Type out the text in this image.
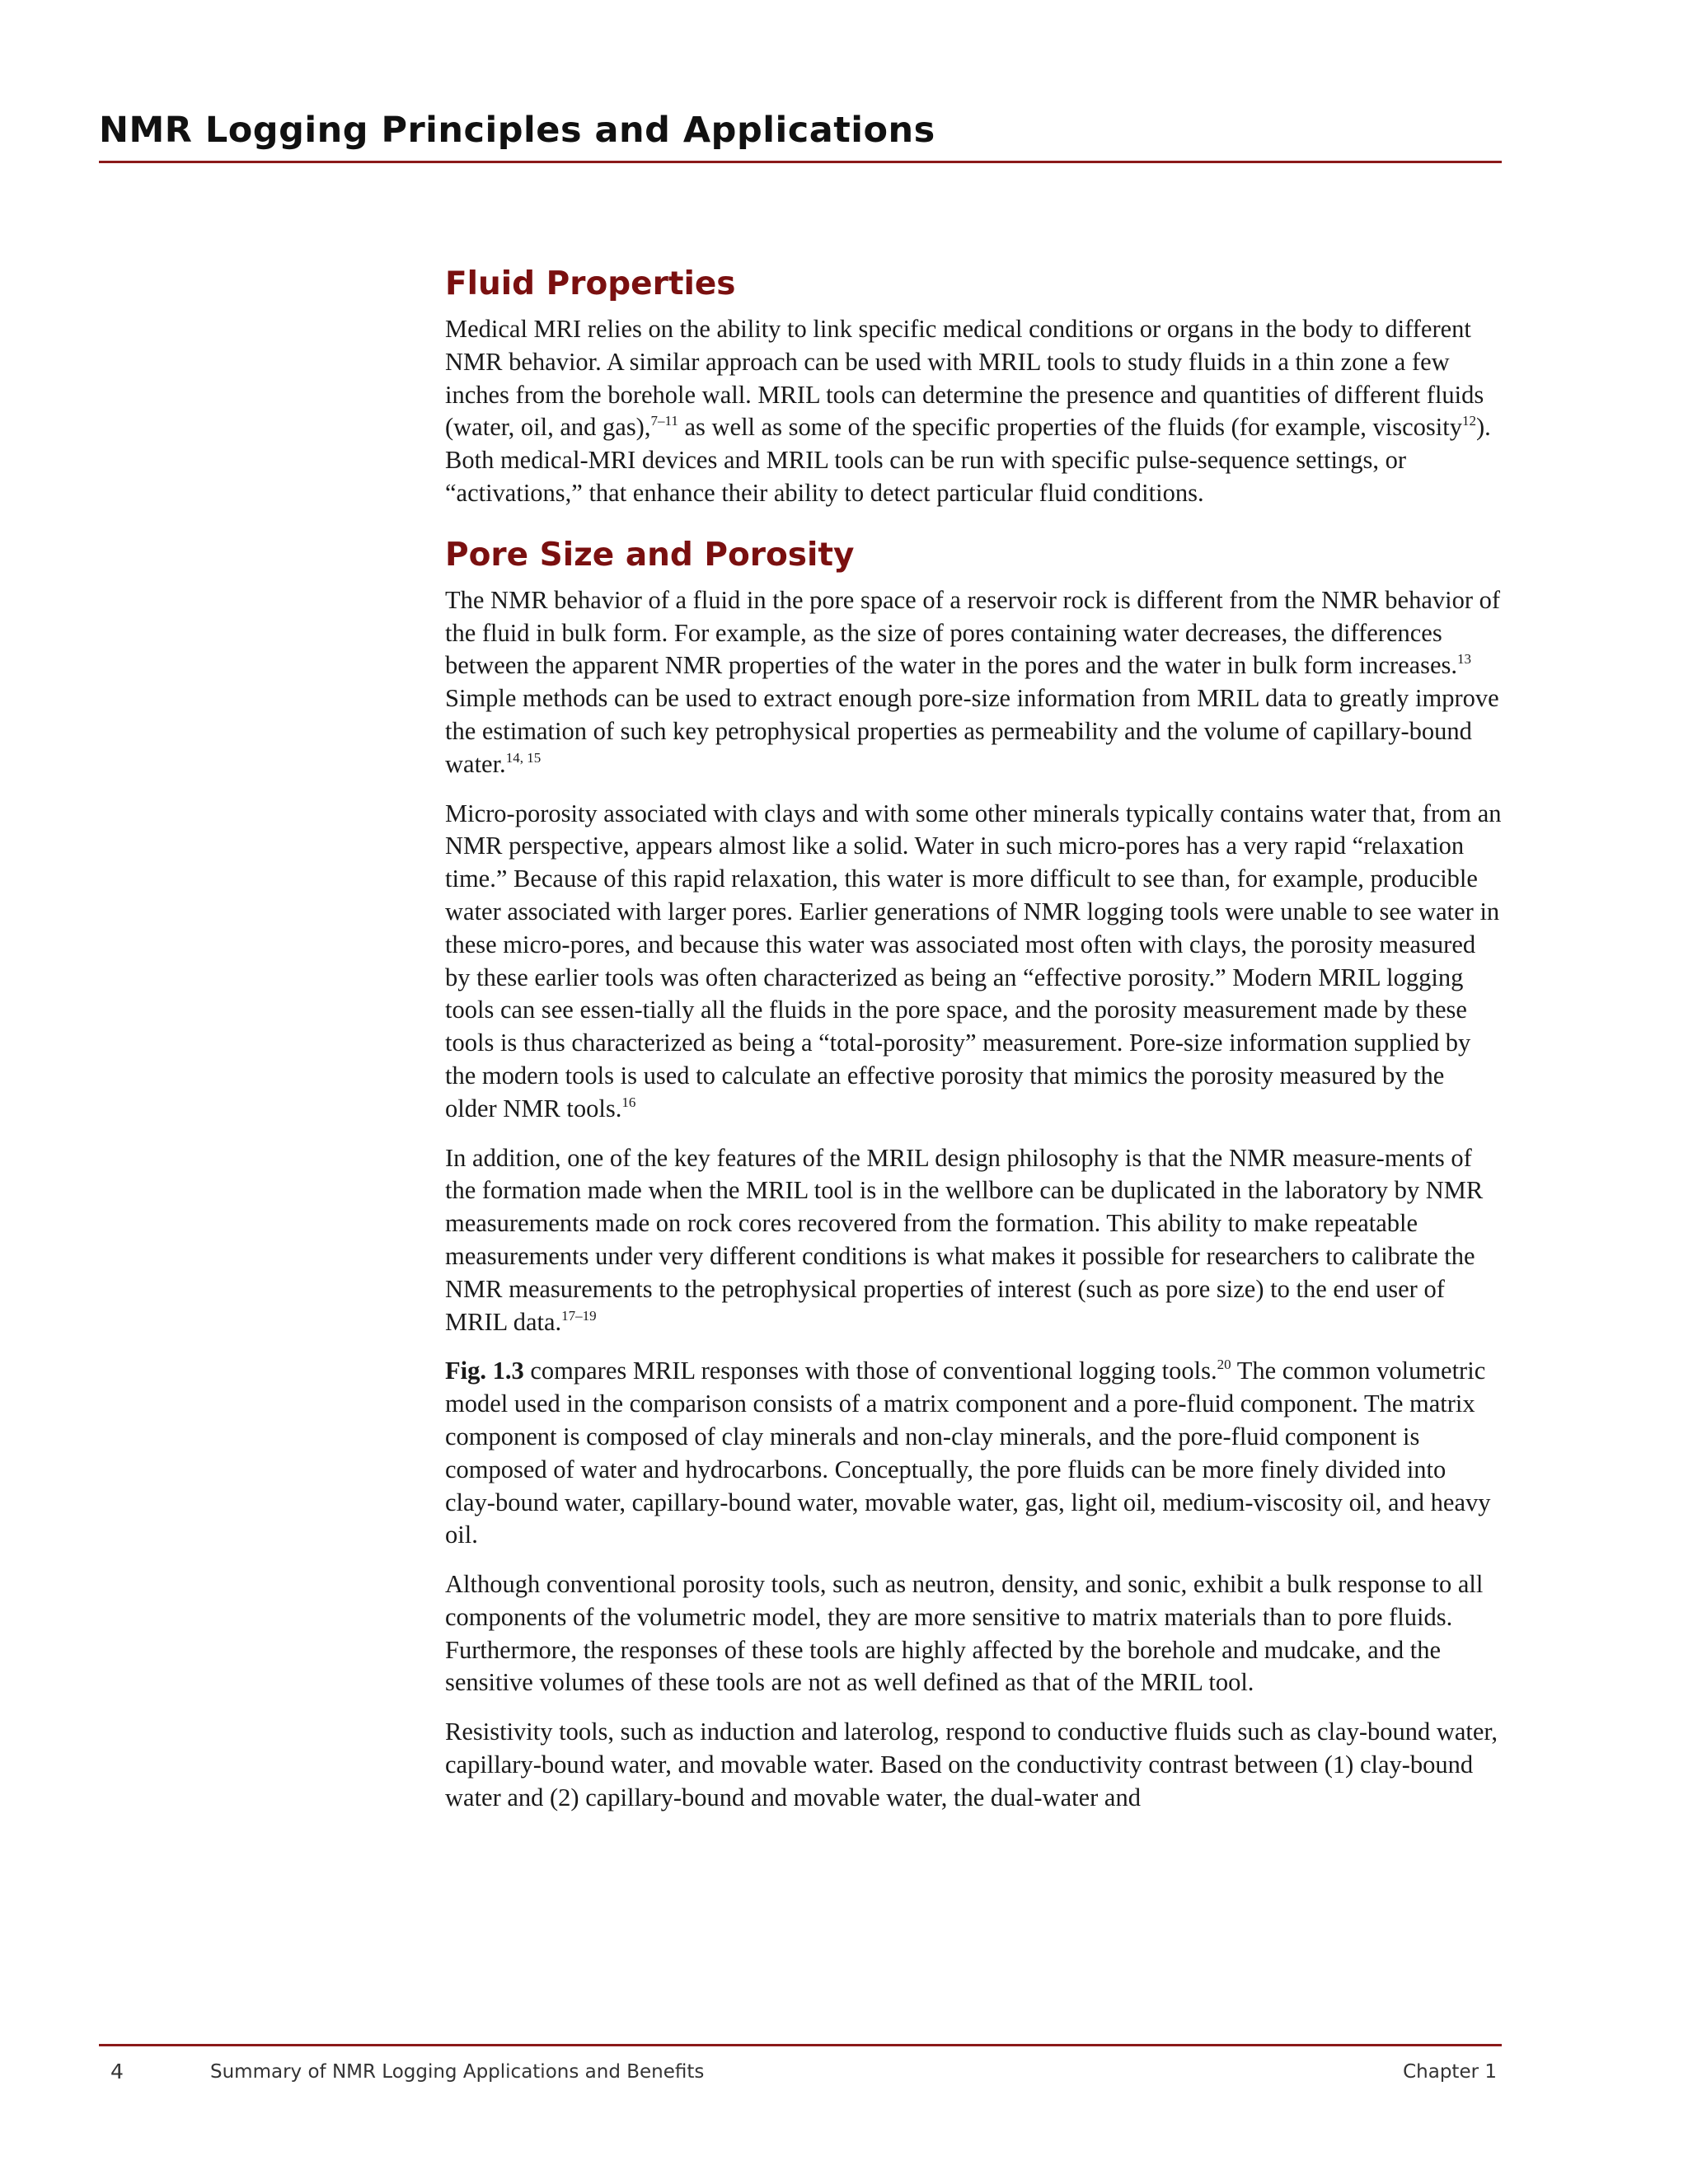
NMR Logging Principles and Applications
Fluid Properties

Medical MRI relies on the ability to link specific medical conditions or organs in the body to different NMR behavior. A similar approach can be used with MRIL tools to study fluids in a thin zone a few inches from the borehole wall. MRIL tools can determine the presence and quantities of different fluids (water, oil, and gas),$^{7-11}$ as well as some of the specific properties of the fluids (for example, viscosity$^{12}$). Both medical-MRI devices and MRIL tools can be run with specific pulse-sequence settings, or “activations,” that enhance their ability to detect particular fluid conditions.

Pore Size and Porosity

The NMR behavior of a fluid in the pore space of a reservoir rock is different from the NMR behavior of the fluid in bulk form. For example, as the size of pores containing water decreases, the differences between the apparent NMR properties of the water in the pores and the water in bulk form increases.$^{13}$ Simple methods can be used to extract enough pore-size information from MRIL data to greatly improve the estimation of such key petrophysical properties as permeability and the volume of capillary-bound water.$^{14, 15}$

Micro-porosity associated with clays and with some other minerals typically contains water that, from an NMR perspective, appears almost like a solid. Water in such micro-pores has a very rapid “relaxation time.” Because of this rapid relaxation, this water is more difficult to see than, for example, producible water associated with larger pores. Earlier generations of NMR logging tools were unable to see water in these micro-pores, and because this water was associated most often with clays, the porosity measured by these earlier tools was often characterized as being an “effective porosity.” Modern MRIL logging tools can see essen-tially all the fluids in the pore space, and the porosity measurement made by these tools is thus characterized as being a “total-porosity” measurement. Pore-size information supplied by the modern tools is used to calculate an effective porosity that mimics the porosity measured by the older NMR tools.$^{16}$

In addition, one of the key features of the MRIL design philosophy is that the NMR measure-ments of the formation made when the MRIL tool is in the wellbore can be duplicated in the laboratory by NMR measurements made on rock cores recovered from the formation. This ability to make repeatable measurements under very different conditions is what makes it possible for researchers to calibrate the NMR measurements to the petrophysical properties of interest (such as pore size) to the end user of MRIL data.$^{17-19}$

Fig. 1.3 compares MRIL responses with those of conventional logging tools.$^{20}$ The common volumetric model used in the comparison consists of a matrix component and a pore-fluid component. The matrix component is composed of clay minerals and non-clay minerals, and the pore-fluid component is composed of water and hydrocarbons. Conceptually, the pore fluids can be more finely divided into clay-bound water, capillary-bound water, movable water, gas, light oil, medium-viscosity oil, and heavy oil.

Although conventional porosity tools, such as neutron, density, and sonic, exhibit a bulk response to all components of the volumetric model, they are more sensitive to matrix materials than to pore fluids. Furthermore, the responses of these tools are highly affected by the borehole and mudcake, and the sensitive volumes of these tools are not as well defined as that of the MRIL tool.

Resistivity tools, such as induction and laterolog, respond to conductive fluids such as clay-bound water, capillary-bound water, and movable water. Based on the conductivity contrast between (1) clay-bound water and (2) capillary-bound and movable water, the dual-water and

4	Summary of NMR Logging Applications and Benefits	Chapter 1
